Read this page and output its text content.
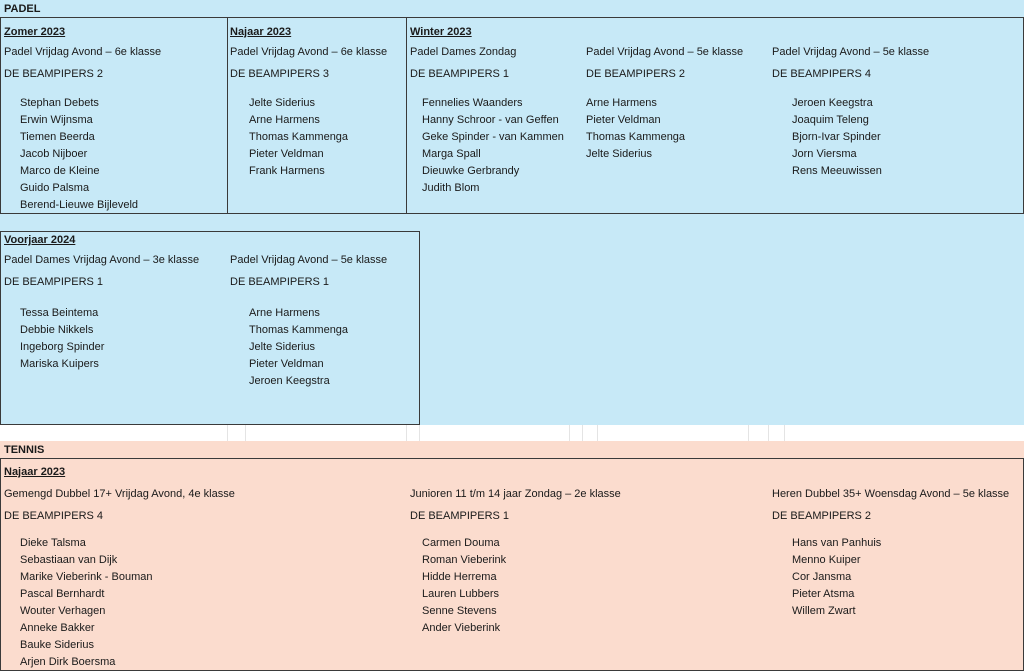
PADEL
Zomer 2023
Padel Vrijdag Avond – 6e klasse
DE BEAMPIPERS 2
Stephan Debets
Erwin Wijnsma
Tiemen Beerda
Jacob Nijboer
Marco de Kleine
Guido Palsma
Berend-Lieuwe Bijleveld
Najaar 2023
Padel Vrijdag Avond – 6e klasse
DE BEAMPIPERS 3
Jelte Siderius
Arne Harmens
Thomas Kammenga
Pieter Veldman
Frank Harmens
Winter 2023
Padel Dames Zondag
DE BEAMPIPERS 1
Fennelies Waanders
Hanny Schroor - van Geffen
Geke Spinder - van Kammen
Marga Spall
Dieuwke Gerbrandy
Judith Blom
Padel Vrijdag Avond – 5e klasse
DE BEAMPIPERS 2
Arne Harmens
Pieter Veldman
Thomas Kammenga
Jelte Siderius
Padel Vrijdag Avond – 5e klasse
DE BEAMPIPERS 4
Jeroen Keegstra
Joaquim Teleng
Bjorn-Ivar Spinder
Jorn Viersma
Rens Meeuwissen
Voorjaar 2024
Padel Dames Vrijdag Avond – 3e klasse
DE BEAMPIPERS 1
Tessa Beintema
Debbie Nikkels
Ingeborg Spinder
Mariska Kuipers
Padel Vrijdag Avond – 5e klasse
DE BEAMPIPERS 1
Arne Harmens
Thomas Kammenga
Jelte Siderius
Pieter Veldman
Jeroen Keegstra
TENNIS
Najaar 2023
Gemengd Dubbel 17+ Vrijdag Avond, 4e klasse
DE BEAMPIPERS 4
Dieke Talsma
Sebastiaan van Dijk
Marike Vieberink - Bouman
Pascal Bernhardt
Wouter Verhagen
Anneke Bakker
Bauke Siderius
Arjen Dirk Boersma
Junioren 11 t/m 14 jaar Zondag – 2e klasse
DE BEAMPIPERS 1
Carmen Douma
Roman Vieberink
Hidde Herrema
Lauren Lubbers
Senne Stevens
Ander Vieberink
Heren Dubbel 35+ Woensdag Avond – 5e klasse
DE BEAMPIPERS 2
Hans van Panhuis
Menno Kuiper
Cor Jansma
Pieter Atsma
Willem Zwart
